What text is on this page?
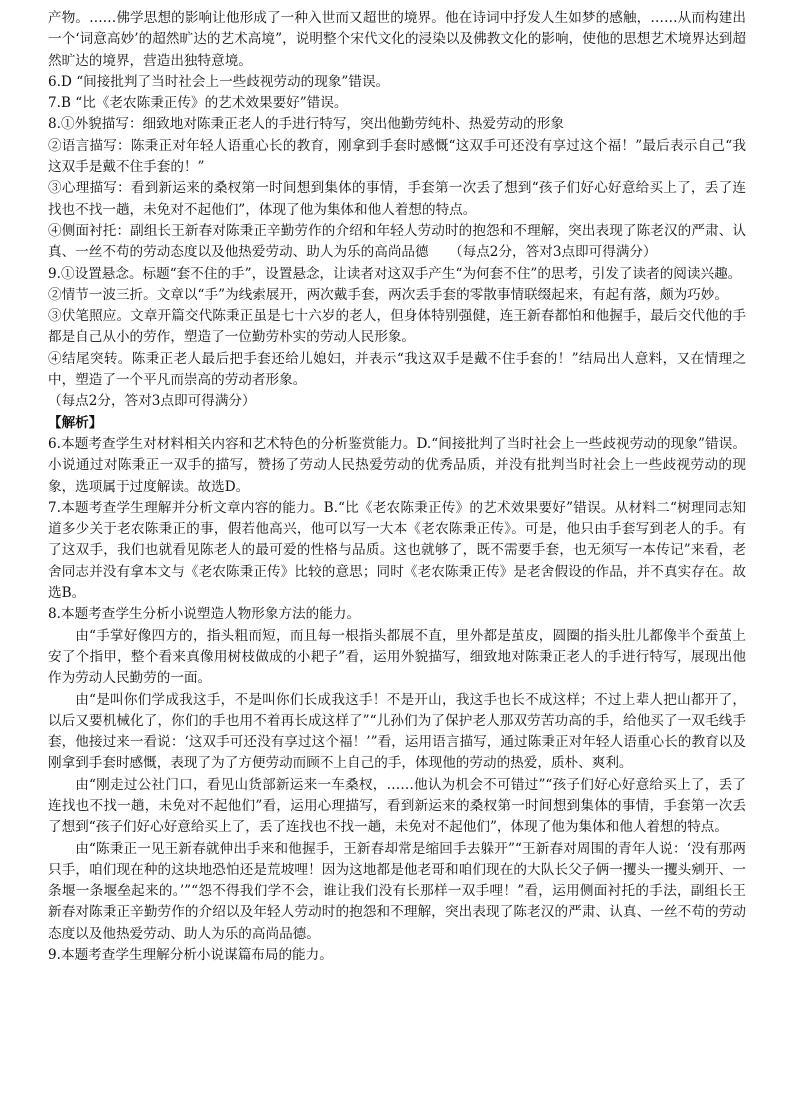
产物。……佛学思想的影响让他形成了一种入世而又超世的境界。他在诗词中抒发人生如梦的感触，……从而构建出一个‘词意高妙’的超然旷达的艺术高境”，说明整个宋代文化的浸染以及佛教文化的影响，使他的思想艺术境界达到超然旷达的境界，营造出独特意境。

6.D “间接批判了当时社会上一些歧视劳动的现象”错误。

7.B “比《老农陈秉正传》的艺术效果要好”错误。

8.①外貌描写：细致地对陈秉正老人的手进行特写，突出他勤劳纯朴、热爱劳动的形象

②语言描写：陈秉正对年轻人语重心长的教育，刚拿到手套时感慨“这双手可还没有享过这个福！”最后表示自己“我这双手是戴不住手套的！”

③心理描写：看到新运来的桑杈第一时间想到集体的事情，手套第一次丢了想到“孩子们好心好意给买上了，丢了连找也不找一趟，未免对不起他们”，体现了他为集体和他人着想的特点。

④侧面衬托：副组长王新春对陈秉正辛勤劳作的介绍和年轻人劳动时的抱怨和不理解，突出表现了陈老汉的严肃、认真、一丝不苟的劳动态度以及他热爱劳动、助人为乐的高尚品德　　（每点2分，答对3点即可得满分）

9.①设置悬念。标题“套不住的手”，设置悬念，让读者对这双手产生“为何套不住”的思考，引发了读者的阅读兴趣。

②情节一波三折。文章以“手”为线索展开，两次戴手套，两次丢手套的零散事情联缀起来，有起有落，颇为巧妙。

③伏笔照应。文章开篇交代陈秉正虽是七十六岁的老人，但身体特别强健，连王新春都怕和他握手，最后交代他的手都是自己从小的劳作，塑造了一位勤劳朴实的劳动人民形象。

④结尾突转。陈秉正老人最后把手套还给儿媳妇，并表示“我这双手是戴不住手套的！”结局出人意料，又在情理之中，塑造了一个平凡而崇高的劳动者形象。

（每点2分，答对3点即可得满分）

【解析】

6.本题考查学生对材料相关内容和艺术特色的分析鉴赏能力。D.“间接批判了当时社会上一些歧视劳动的现象”错误。小说通过对陈秉正一双手的描写，赞扬了劳动人民热爱劳动的优秀品质，并没有批判当时社会上一些歧视劳动的现象，选项属于过度解读。故选D。

7.本题考查学生理解并分析文章内容的能力。B.“比《老农陈秉正传》的艺术效果要好”错误。从材料二“树理同志知道多少关于老农陈秉正的事，假若他高兴，他可以写一大本《老农陈秉正传》。可是，他只由手套写到老人的手。有了这双手，我们也就看见陈老人的最可爱的性格与品质。这也就够了，既不需要手套，也无须写一本传记”来看，老舍同志并没有拿本文与《老农陈秉正传》比较的意思；同时《老农陈秉正传》是老舍假设的作品，并不真实存在。故选B。

8.本题考查学生分析小说塑造人物形象方法的能力。

由“手掌好像四方的，指头粗而短，而且每一根指头都展不直，里外都是茧皮，圆圈的指头肚儿都像半个蚕茧上安了个指甲，整个看来真像用树枝做成的小耙子”看，运用外貌描写，细致地对陈秉正老人的手进行特写，展现出他作为劳动人民勤劳的一面。

由“是叫你们学成我这手，不是叫你们长成我这手！不是开山，我这手也长不成这样；不过上辈人把山都开了，以后又要机械化了，你们的手也用不着再长成这样了”“儿孙们为了保护老人那双劳苦功高的手，给他买了一双毛线手套，他接过来一看说：‘这双手可还没有享过这个福！’”看，运用语言描写，通过陈秉正对年轻人语重心长的教育以及刚拿到手套时感慨，表现了为了方便劳动而顾不上自己的手，体现他的劳动的热爱，质朴、爽利。

由“刚走过公社门口，看见山货部新运来一车桑杈，……他认为机会不可错过”“孩子们好心好意给买上了，丢了连找也不找一趟，未免对不起他们”看，运用心理描写，看到新运来的桑杈第一时间想到集体的事情，手套第一次丢了想到“孩子们好心好意给买上了，丢了连找也不找一趟，未免对不起他们”，体现了他为集体和他人着想的特点。

由“陈秉正一见王新春就伸出手来和他握手，王新春却常是缩回手去躲开”“王新春对周围的青年人说：‘没有那两只手，咱们现在种的这块地恐怕还是荒坡哩！因为这地都是他老哥和咱们现在的大队长父子俩一攫头一攫头剜开、一条堰一条堰垒起来的。’”“怨不得我们学不会，谁让我们没有长那样一双手哩！”看，运用侧面衬托的手法，副组长王新春对陈秉正辛勤劳作的介绍以及年轻人劳动时的抱怨和不理解，突出表现了陈老汉的严肃、认真、一丝不苟的劳动态度以及他热爱劳动、助人为乐的高尚品德。

9.本题考查学生理解分析小说谋篇布局的能力。
